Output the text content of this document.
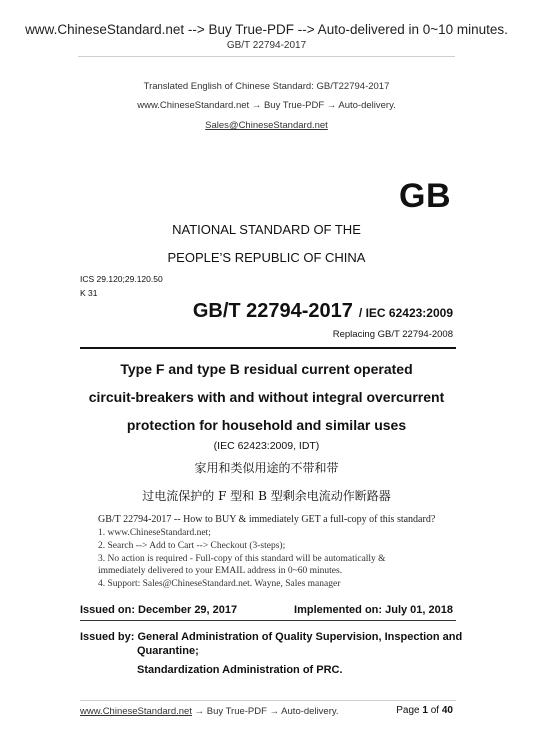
www.ChineseStandard.net --> Buy True-PDF --> Auto-delivered in 0~10 minutes.
GB/T 22794-2017
Translated English of Chinese Standard: GB/T22794-2017
www.ChineseStandard.net → Buy True-PDF → Auto-delivery.
Sales@ChineseStandard.net
GB
NATIONAL STANDARD OF THE
PEOPLE’S REPUBLIC OF CHINA
ICS 29.120;29.120.50
K 31
GB/T 22794-2017 / IEC 62423:2009
Replacing GB/T 22794-2008
Type F and type B residual current operated
circuit-breakers with and without integral overcurrent
protection for household and similar uses
(IEC 62423:2009, IDT)
家用和类似用途的不带和带
过电流保护的 F 型和 B 型剩余电流动作断路器
GB/T 22794-2017 -- How to BUY & immediately GET a full-copy of this standard?
1. www.ChineseStandard.net;
2. Search --> Add to Cart --> Checkout (3-steps);
3. No action is required - Full-copy of this standard will be automatically &
immediately delivered to your EMAIL address in 0~60 minutes.
4. Support: Sales@ChineseStandard.net. Wayne, Sales manager
Issued on: December 29, 2017	Implemented on: July 01, 2018
Issued by: General Administration of Quality Supervision, Inspection and
Quarantine;
Standardization Administration of PRC.
www.ChineseStandard.net → Buy True-PDF → Auto-delivery.	Page 1 of 40
